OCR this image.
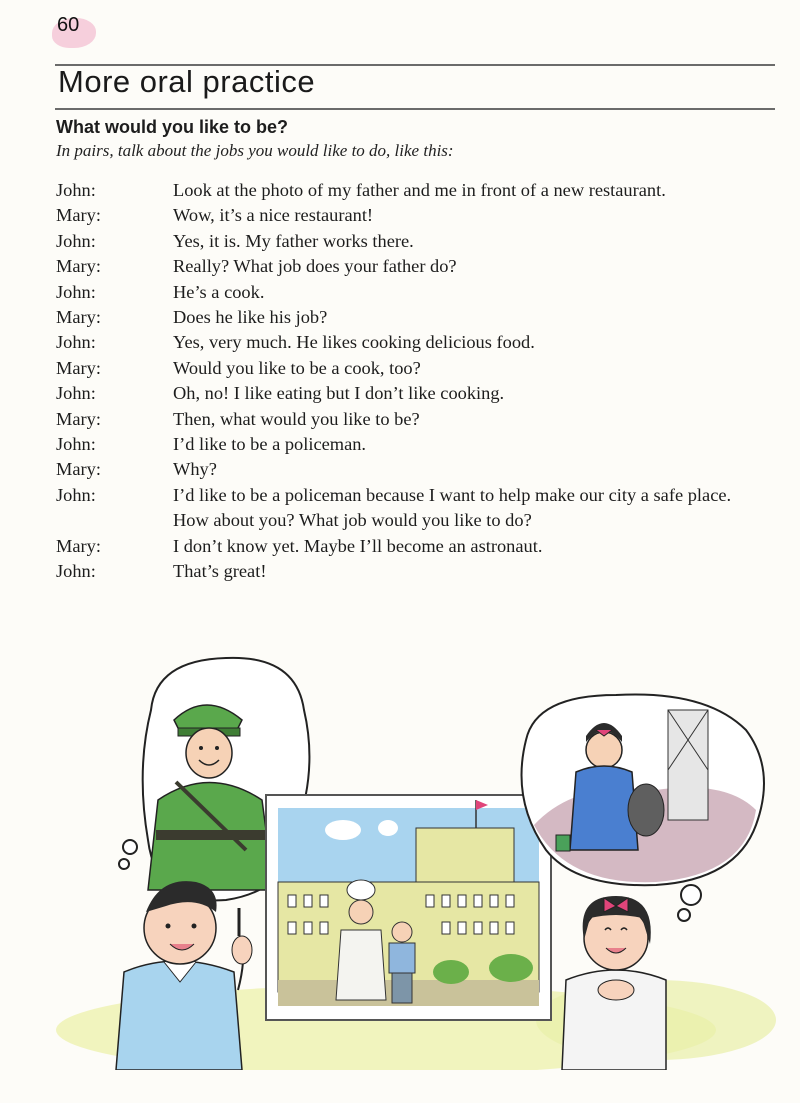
60
More oral practice
What would you like to be?
In pairs, talk about the jobs you would like to do, like this:
John:	Look at the photo of my father and me in front of a new restaurant.
Mary:	Wow, it’s a nice restaurant!
John:	Yes, it is. My father works there.
Mary:	Really? What job does your father do?
John:	He’s a cook.
Mary:	Does he like his job?
John:	Yes, very much. He likes cooking delicious food.
Mary:	Would you like to be a cook, too?
John:	Oh, no! I like eating but I don’t like cooking.
Mary:	Then, what would you like to be?
John:	I’d like to be a policeman.
Mary:	Why?
John:	I’d like to be a policeman because I want to help make our city a safe place. How about you? What job would you like to do?
Mary:	I don’t know yet. Maybe I’ll become an astronaut.
John:	That’s great!
